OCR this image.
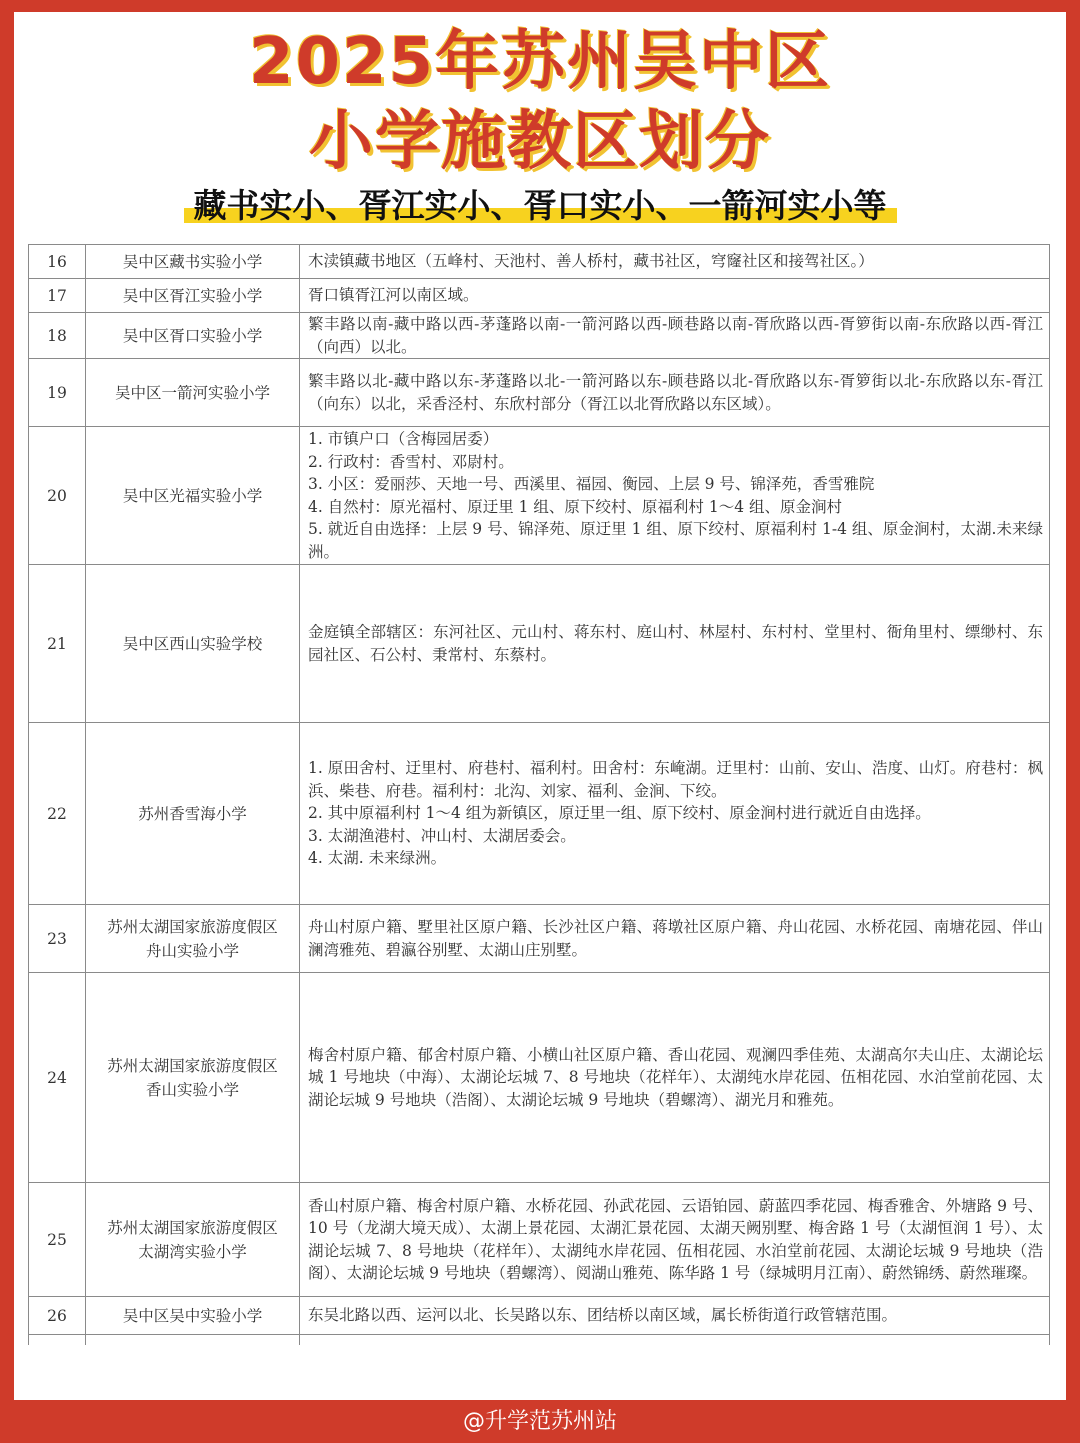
2025年苏州吴中区
小学施教区划分
藏书实小、胥江实小、胥口实小、一箭河实小等
16	吴中区藏书实验小学	木渎镇藏书地区（五峰村、天池村、善人桥村，藏书社区，穹窿社区和接驾社区。）

17	吴中区胥江实验小学	胥口镇胥江河以南区域。

18	吴中区胥口实验小学	繁丰路以南-藏中路以西-茅蓬路以南-一箭河路以西-顾巷路以南-胥欣路以西-胥箩街以南-东欣路以西-胥江（向西）以北。

19	吴中区一箭河实验小学	繁丰路以北-藏中路以东-茅蓬路以北-一箭河路以东-顾巷路以北-胥欣路以东-胥箩街以北-东欣路以东-胥江（向东）以北，采香泾村、东欣村部分（胥江以北胥欣路以东区域）。

20	吴中区光福实验小学	1. 市镇户口（含梅园居委）
2. 行政村：香雪村、邓尉村。
3. 小区：爱丽莎、天地一号、西溪里、福园、衡园、上层 9 号、锦泽苑，香雪雅院
4. 自然村：原光福村、原迂里 1 组、原下绞村、原福利村 1～4 组、原金涧村
5. 就近自由选择：上层 9 号、锦泽苑、原迂里 1 组、原下绞村、原福利村 1-4 组、原金涧村，太湖.未来绿洲。

21	吴中区西山实验学校	金庭镇全部辖区：东河社区、元山村、蒋东村、庭山村、林屋村、东村村、堂里村、衙角里村、缥缈村、东园社区、石公村、秉常村、东蔡村。

22	苏州香雪海小学	1. 原田舍村、迂里村、府巷村、福利村。田舍村：东崦湖。迂里村：山前、安山、浩度、山灯。府巷村：枫浜、柴巷、府巷。福利村：北沟、刘家、福利、金涧、下绞。
2. 其中原福利村 1～4 组为新镇区，原迂里一组、原下绞村、原金涧村进行就近自由选择。
3. 太湖渔港村、冲山村、太湖居委会。
4. 太湖. 未来绿洲。

23	苏州太湖国家旅游度假区
舟山实验小学	舟山村原户籍、墅里社区原户籍、长沙社区户籍、蒋墩社区原户籍、舟山花园、水桥花园、南塘花园、伴山澜湾雅苑、碧瀛谷别墅、太湖山庄别墅。

24	苏州太湖国家旅游度假区
香山实验小学	梅舍村原户籍、郁舍村原户籍、小横山社区原户籍、香山花园、观澜四季佳苑、太湖高尔夫山庄、太湖论坛城 1 号地块（中海）、太湖论坛城 7、8 号地块（花样年）、太湖纯水岸花园、伍相花园、水泊堂前花园、太湖论坛城 9 号地块（浩阁）、太湖论坛城 9 号地块（碧螺湾）、湖光月和雅苑。

25	苏州太湖国家旅游度假区
太湖湾实验小学	香山村原户籍、梅舍村原户籍、水桥花园、孙武花园、云语铂园、蔚蓝四季花园、梅香雅舍、外塘路 9 号、10 号（龙湖大境天成）、太湖上景花园、太湖汇景花园、太湖天阙别墅、梅舍路 1 号（太湖恒润 1 号）、太湖论坛城 7、8 号地块（花样年）、太湖纯水岸花园、伍相花园、水泊堂前花园、太湖论坛城 9 号地块（浩阁）、太湖论坛城 9 号地块（碧螺湾）、阅湖山雅苑、陈华路 1 号（绿城明月江南）、蔚然锦绣、蔚然璀璨。

26	吴中区吴中实验小学	东吴北路以西、运河以北、长吴路以东、团结桥以南区域，属长桥街道行政管辖范围。

@升学范苏州站
